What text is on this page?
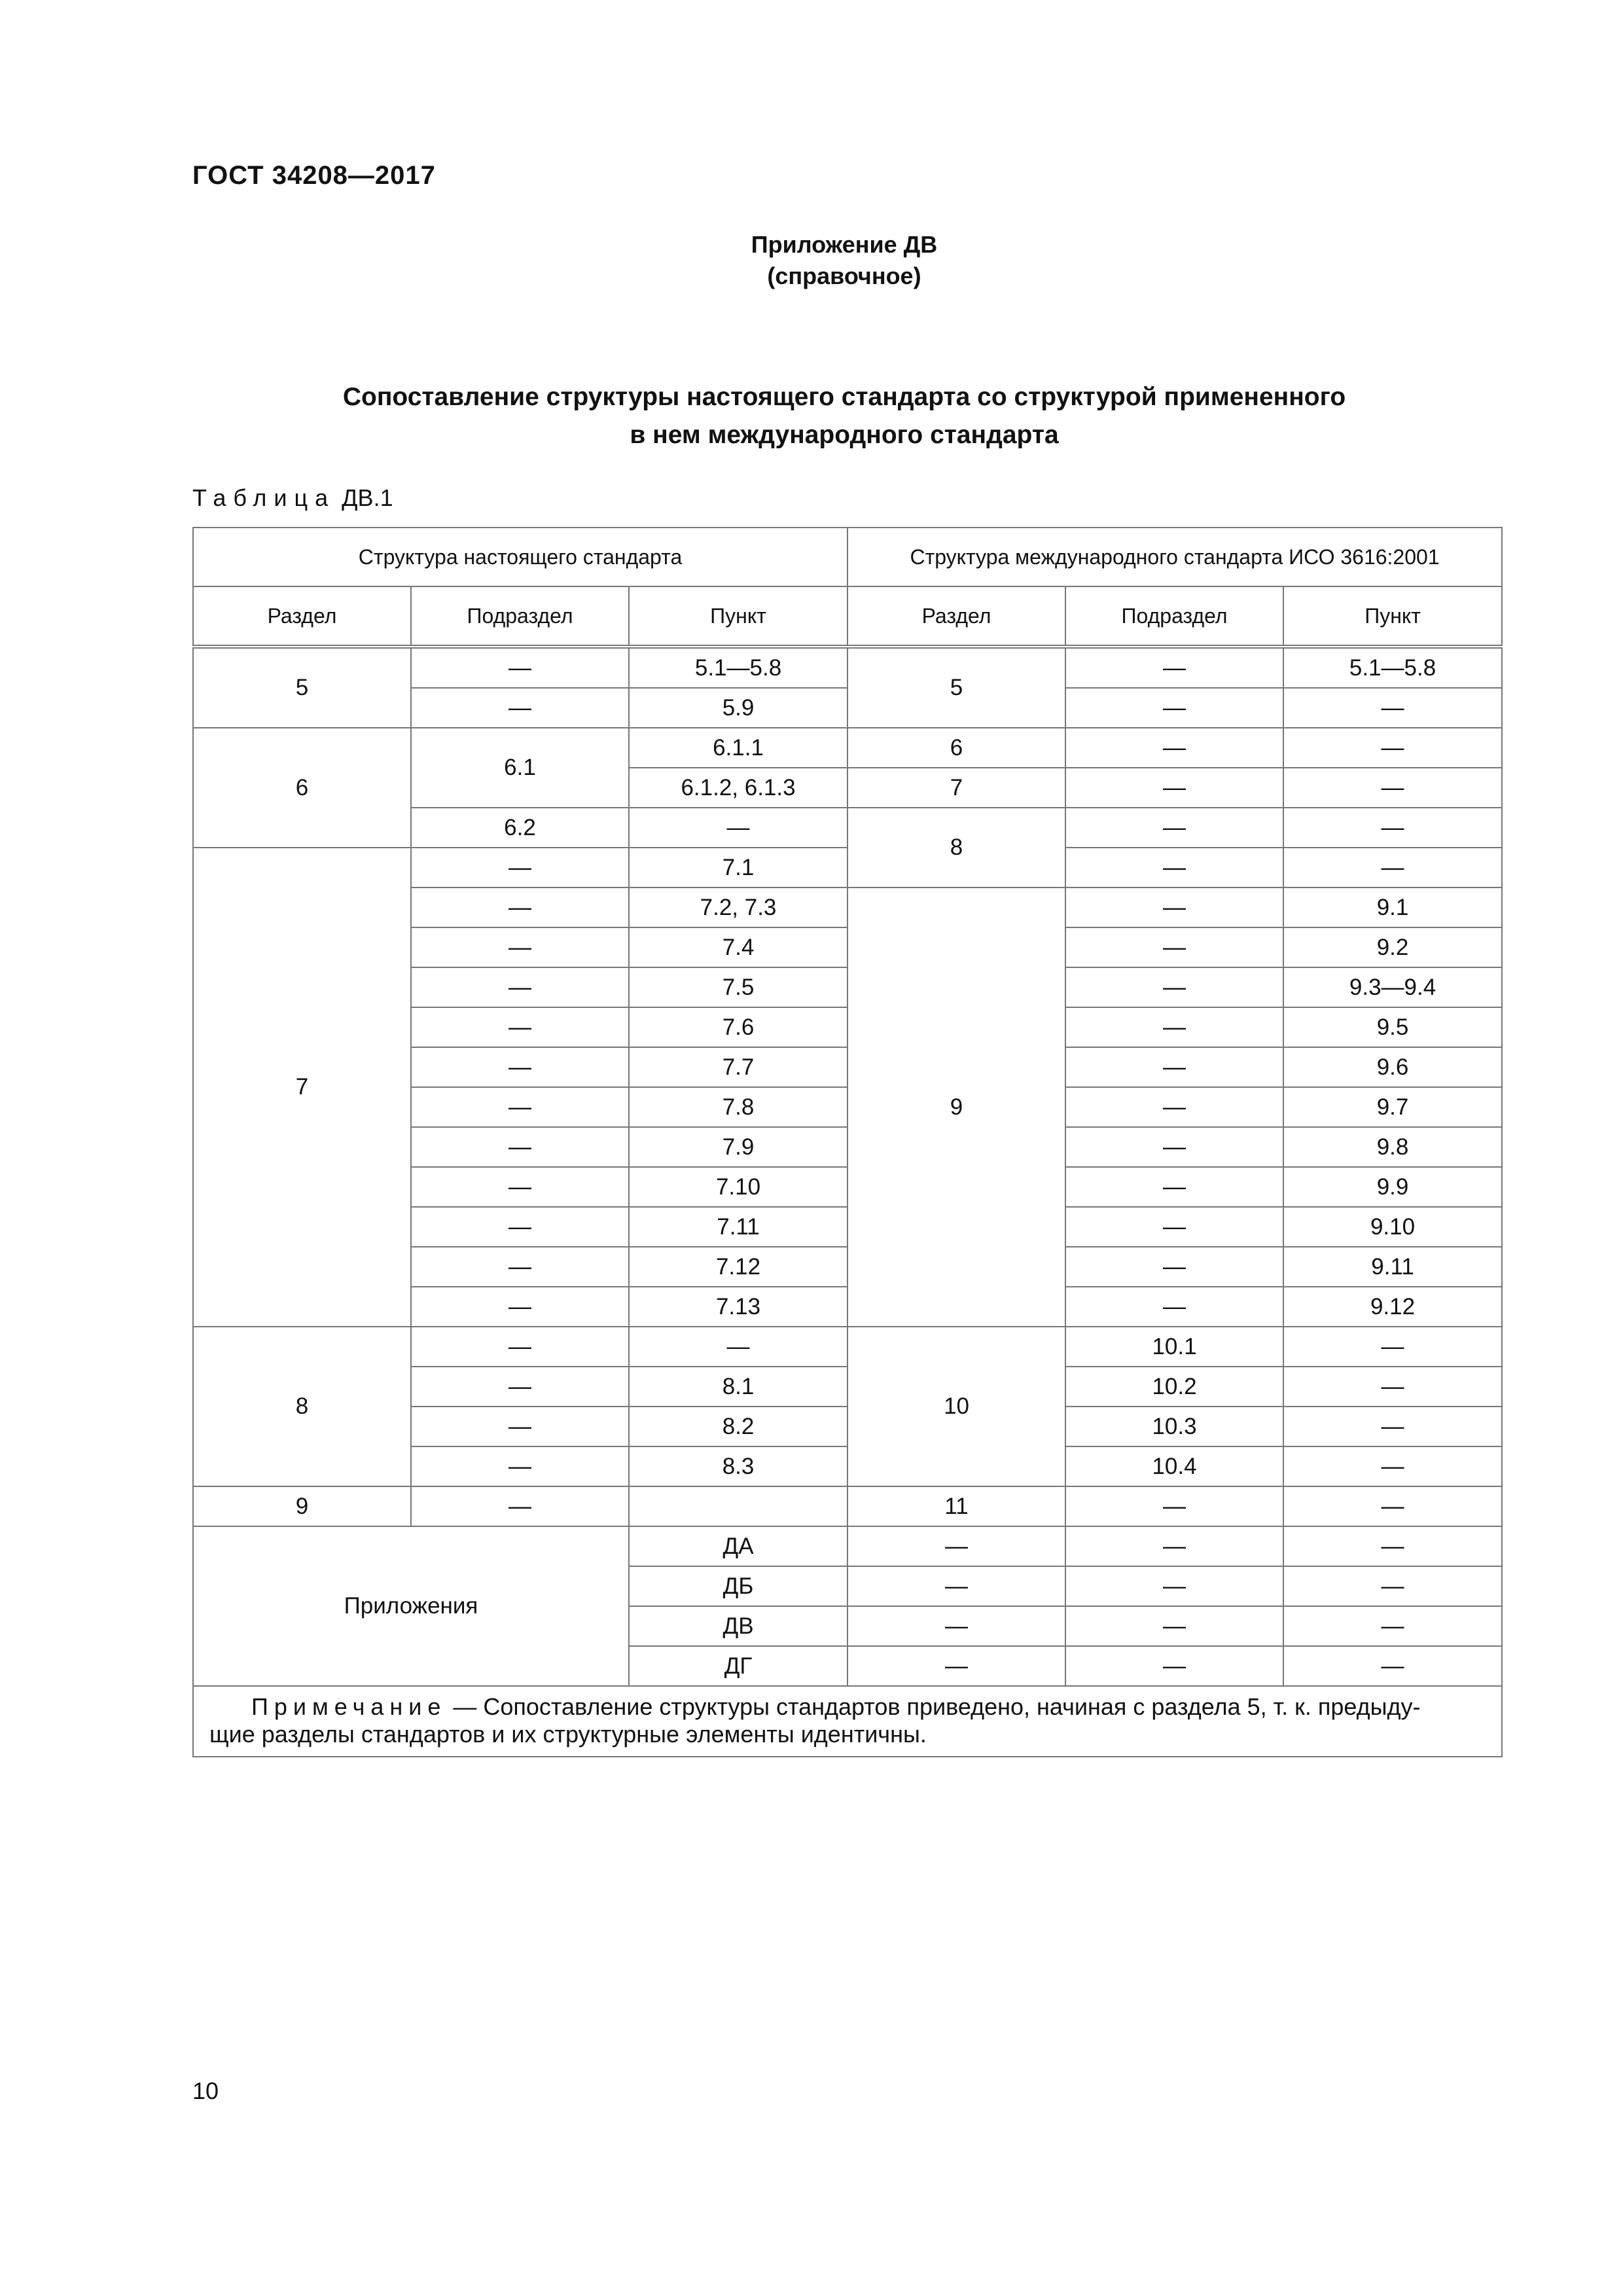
ГОСТ 34208—2017
Приложение ДВ
(справочное)
Сопоставление структуры настоящего стандарта со структурой примененного
в нем международного стандарта
Таблица ДВ.1
Структура настоящего стандарта			Структура международного стандарта ИСО 3616:2001		
Раздел	Подраздел	Пункт	Раздел	Подраздел	Пункт
5	—	5.1—5.8	5	—	5.1—5.8
	—	5.9		—	—
6	6.1	6.1.1	6	—	—
		6.1.2, 6.1.3	7	—	—
	6.2	—	8	—	—
7	—	7.1		—	—
	—	7.2, 7.3	9	—	9.1
	—	7.4		—	9.2
	—	7.5		—	9.3—9.4
	—	7.6		—	9.5
	—	7.7		—	9.6
	—	7.8		—	9.7
	—	7.9		—	9.8
	—	7.10		—	9.9
	—	7.11		—	9.10
	—	7.12		—	9.11
	—	7.13		—	9.12
8	—	—	10	10.1	—
	—	8.1		10.2	—
	—	8.2		10.3	—
	—	8.3		10.4	—
9	—		11	—	—
Приложения		ДА	—	—	—
		ДБ	—	—	—
		ДВ	—	—	—
		ДГ	—	—	—
Примечание — Сопоставление структуры стандартов приведено, начиная с раздела 5, т. к. предыду-
щие разделы стандартов и их структурные элементы идентичны.					
10
